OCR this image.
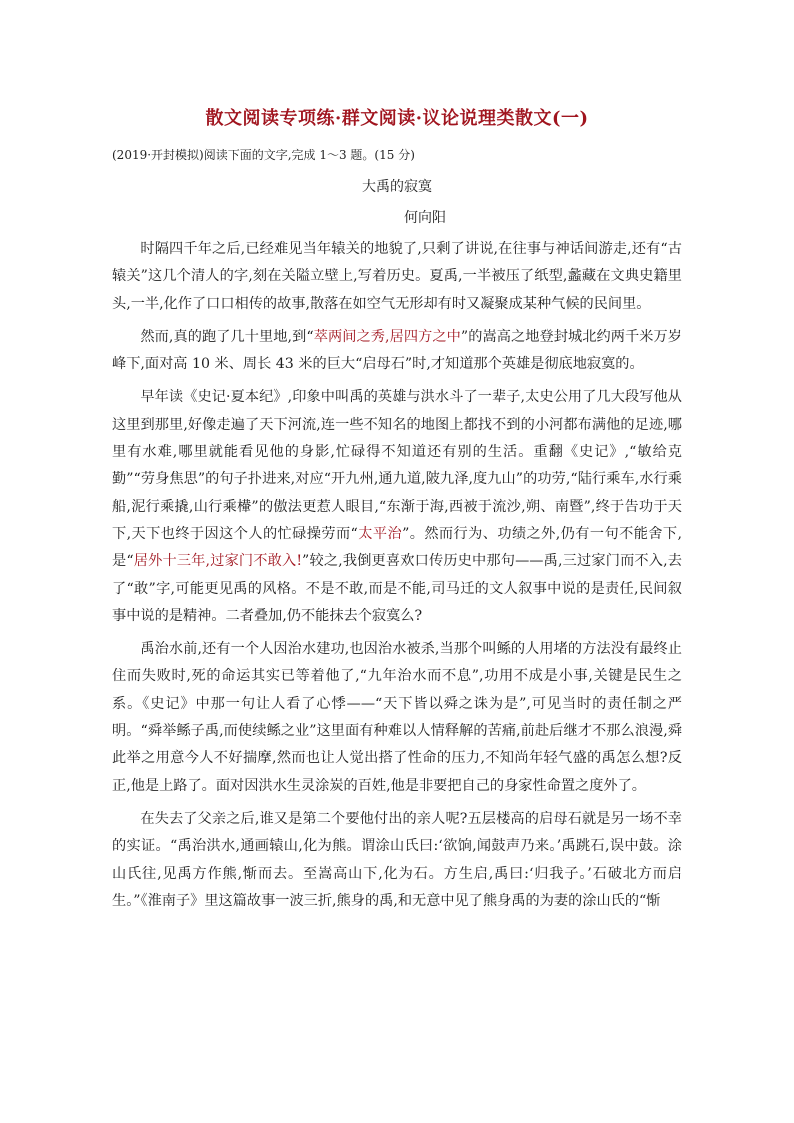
散文阅读专项练·群文阅读·议论说理类散文(一)
(2019·开封模拟)阅读下面的文字,完成 1～3 题。(15 分)
大禹的寂寞
何向阳

时隔四千年之后,已经难见当年辕关的地貌了,只剩了讲说,在往事与神话间游走,还有“古辕关”这几个清人的字,刻在关隘立壁上,写着历史。夏禹,一半被压了纸型,蠡藏在文典史籍里头,一半,化作了口口相传的故事,散落在如空气无形却有时又凝聚成某种气候的民间里。

然而,真的跑了几十里地,到“萃两间之秀,居四方之中”的嵩高之地登封城北约两千米万岁峰下,面对高 10 米、周长 43 米的巨大“启母石”时,才知道那个英雄是彻底地寂寞的。

早年读《史记·夏本纪》,印象中叫禹的英雄与洪水斗了一辈子,太史公用了几大段写他从这里到那里,好像走遍了天下河流,连一些不知名的地图上都找不到的小河都布满他的足迹,哪里有水难,哪里就能看见他的身影,忙碌得不知道还有别的生活。重翻《史记》,“敏给克勤”“劳身焦思”的句子扑进来,对应“开九州,通九道,陂九泽,度九山”的功劳,“陆行乘车,水行乘船,泥行乘撬,山行乘檋”的傲法更惹人眼目,“东渐于海,西被于流沙,朔、南暨”,终于告功于天下,天下也终于因这个人的忙碌操劳而“太平治”。然而行为、功绩之外,仍有一句不能舍下,是“居外十三年,过家门不敢入!”较之,我倒更喜欢口传历史中那句——禹,三过家门而不入,去了“敢”字,可能更见禹的风格。不是不敢,而是不能,司马迁的文人叙事中说的是责任,民间叙事中说的是精神。二者叠加,仍不能抹去个寂寞么?

禹治水前,还有一个人因治水建功,也因治水被杀,当那个叫鲧的人用堵的方法没有最终止住而失败时,死的命运其实已等着他了,“九年治水而不息”,功用不成是小事,关键是民生之系。《史记》中那一句让人看了心悸——“天下皆以舜之诛为是”,可见当时的责任制之严明。“舜举鲧子禹,而使续鲧之业”这里面有种难以人情释解的苦痛,前赴后继才不那么浪漫,舜此举之用意今人不好揣摩,然而也让人觉出搭了性命的压力,不知尚年轻气盛的禹怎么想?反正,他是上路了。面对因洪水生灵涂炭的百姓,他是非要把自己的身家性命置之度外了。

在失去了父亲之后,谁又是第二个要他付出的亲人呢?五层楼高的启母石就是另一场不幸的实证。“禹治洪水,通画辕山,化为熊。谓涂山氏曰:‘欲饷,闻鼓声乃来。’禹跳石,误中鼓。涂山氏往,见禹方作熊,惭而去。至嵩高山下,化为石。方生启,禹曰:‘归我子。’石破北方而启生。”《淮南子》里这篇故事一波三折,熊身的禹,和无意中见了熊身禹的为妻的涂山氏的“惭
